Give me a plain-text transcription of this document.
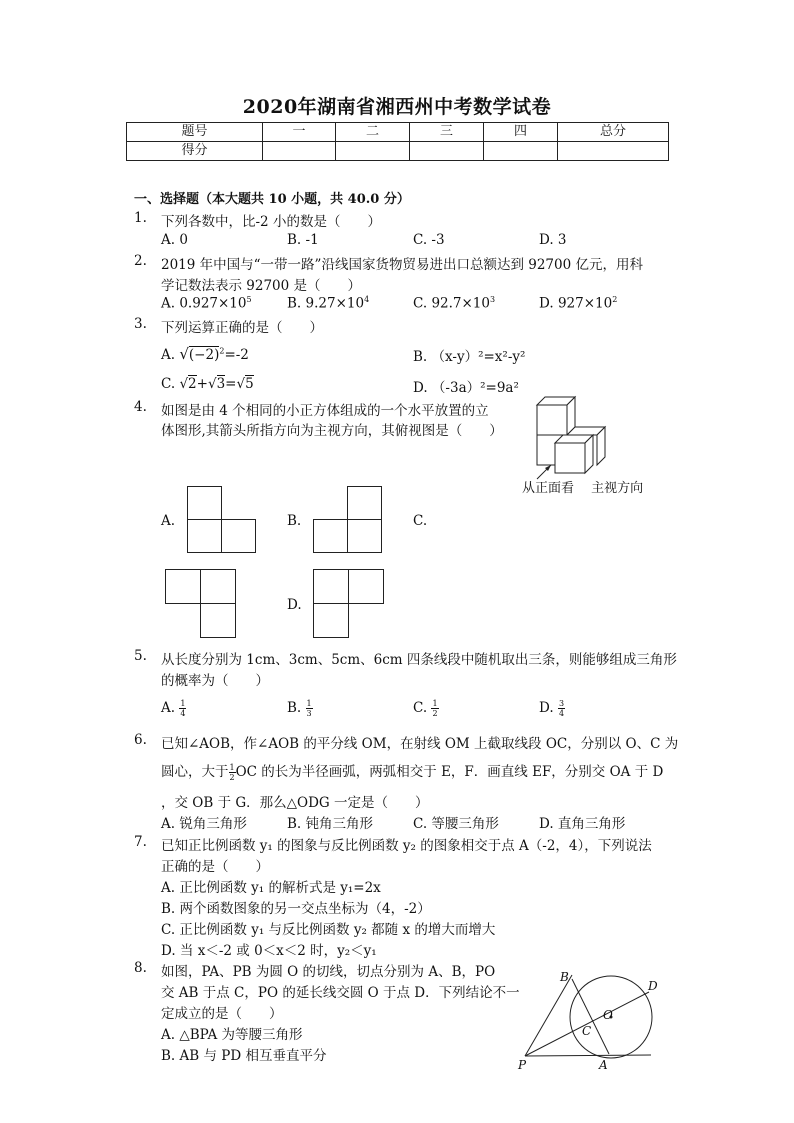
2020年湖南省湘西州中考数学试卷
题号	一	二	三	四	总分
得分					
一、选择题（本大题共 10 小题，共 40.0 分）
1. 下列各数中，比-2 小的数是（　　）
A. 0	B. -1	C. -3	D. 3
2. 2019 年中国与“一带一路”沿线国家货物贸易进出口总额达到 92700 亿元，用科
学记数法表示 92700 是（　　）
A. $0.927\times 10^5$	B. $9.27\times 10^4$	C. $92.7\times 10^3$	D. $927\times 10^2$
3. 下列运算正确的是（　　）
A. $√(-2)^2=-2$	B. （x-y）²=x²-y²
C. √2+√3=√5	D. （-3a）²=9a²
4. 如图是由 4 个相同的小正方体组成的一个水平放置的立
体图形,其箭头所指方向为主视方向，其俯视图是（　　）
从正面看　 主视方向
A.	B.	C.
D.
5. 从长度分别为 1cm、3cm、5cm、6cm 四条线段中随机取出三条，则能够组成三角形
的概率为（　　）
A. $\frac{1}{4}$	B. $\frac{1}{3}$	C. $\frac{1}{2}$	D. $\frac{3}{4}$
6. 已知∠AOB，作∠AOB 的平分线 OM，在射线 OM 上截取线段 OC，分别以 O、C 为
圆心，大于 $\frac{1}{2}$ OC 的长为半径画弧，两弧相交于 E，F．画直线 EF，分别交 OA 于 D
，交 OB 于 G．那么△ODG 一定是（　　）
A. 锐角三角形	B. 钝角三角形	C. 等腰三角形	D. 直角三角形
7. 已知正比例函数 y₁ 的图象与反比例函数 y₂ 的图象相交于点 A（-2，4），下列说法
正确的是（　　）
A. 正比例函数 y₁ 的解析式是 y₁=2x
B. 两个函数图象的另一交点坐标为（4，-2）
C. 正比例函数 y₁ 与反比例函数 y₂ 都随 x 的增大而增大
D. 当 x＜-2 或 0＜x＜2 时，y₂＜y₁
8. 如图，PA、PB 为圆 O 的切线，切点分别为 A、B，PO
交 AB 于点 C，PO 的延长线交圆 O 于点 D．下列结论不一
定成立的是（　　）
A. △BPA 为等腰三角形
B. AB 与 PD 相互垂直平分
B
D
O
C
P	A
